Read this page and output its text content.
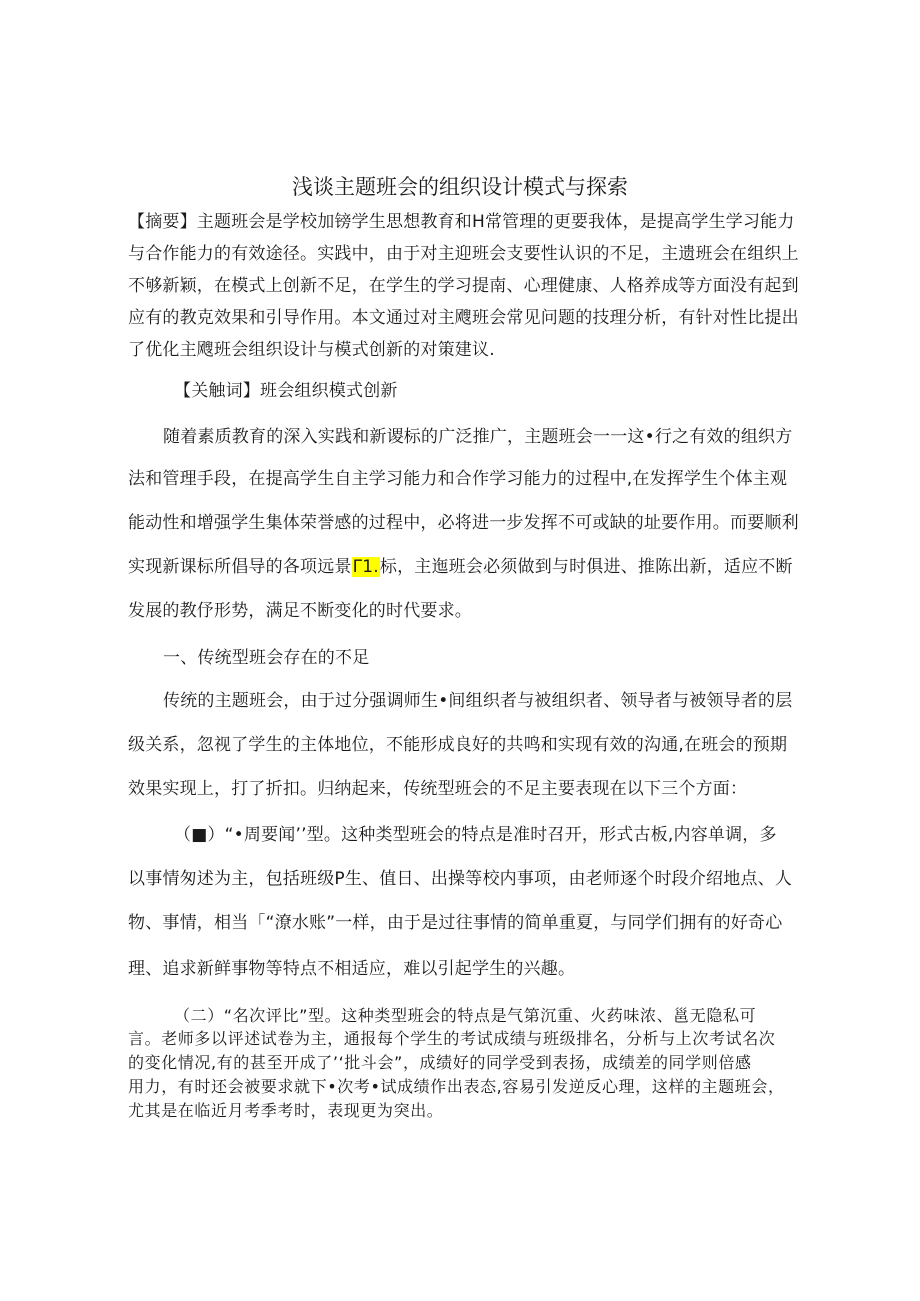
浅谈主题班会的组织设计模式与探索
【摘要】主题班会是学校加镑学生思想教育和H常管理的更要我体，是提高学生学习能力
与合作能力的有效途径。实践中，由于对主迎班会支要性认识的不足，主遗班会在组织上
不够新颖，在模式上创新不足，在学生的学习提南、心理健康、人格养成等方面没有起到
应有的教克效果和引导作用。本文通过对主飕班会常见问题的技理分析，有针对性比提出
了优化主飕班会组织设计与模式创新的对策建议.
【关触词】班会组织模式创新
随着素质教育的深入实践和新谡标的广泛推广，主题班会一一这•行之有效的组织方
法和管理手段，在提高学生自主学习能力和合作学习能力的过程中,在发挥学生个体主观
能动性和增强学生集体荣誉感的过程中，必将进一步发挥不可或缺的址要作用。而要顺利
实现新课标所倡导的各项远景Γ1.标，主迤班会必须做到与时俱进、推陈出新，适应不断
发展的教伃形势，满足不断变化的时代要求。
一、传统型班会存在的不足
传统的主题班会，由于过分强调师生•间组织者与被组织者、领导者与被领导者的层
级关系，忽视了学生的主体地位，不能形成良好的共鸣和实现有效的沟通,在班会的预期
效果实现上，打了折扣。归纳起来，传统型班会的不足主要表现在以下三个方面：
（■）“•周要闻’’型。这种类型班会的特点是准时召开，形式古板,内容单调，多
以事情匆述为主，包括班级P生、值日、出操等校内事项，由老师逐个时段介绍地点、人
物、事情，相当「“潦水账”一样，由于是过往事情的简单重夏，与同学们拥有的好奇心
理、追求新鲜事物等特点不相适应，难以引起学生的兴趣。
（二）“名次评比”型。这种类型班会的特点是气第沉重、火药味浓、邕无隐私可
言。老师多以评述试卷为主，通报每个学生的考试成绩与班级排名，分析与上次考试名次
的变化情况,有的甚至开成了’‘批斗会”，成绩好的同学受到表扬，成绩差的同学则倍感
用力，有时还会被要求就下•次考•试成绩作出表态,容易引发逆反心理，这样的主题班会，
尤其是在临近月考季考时，表现更为突出。
